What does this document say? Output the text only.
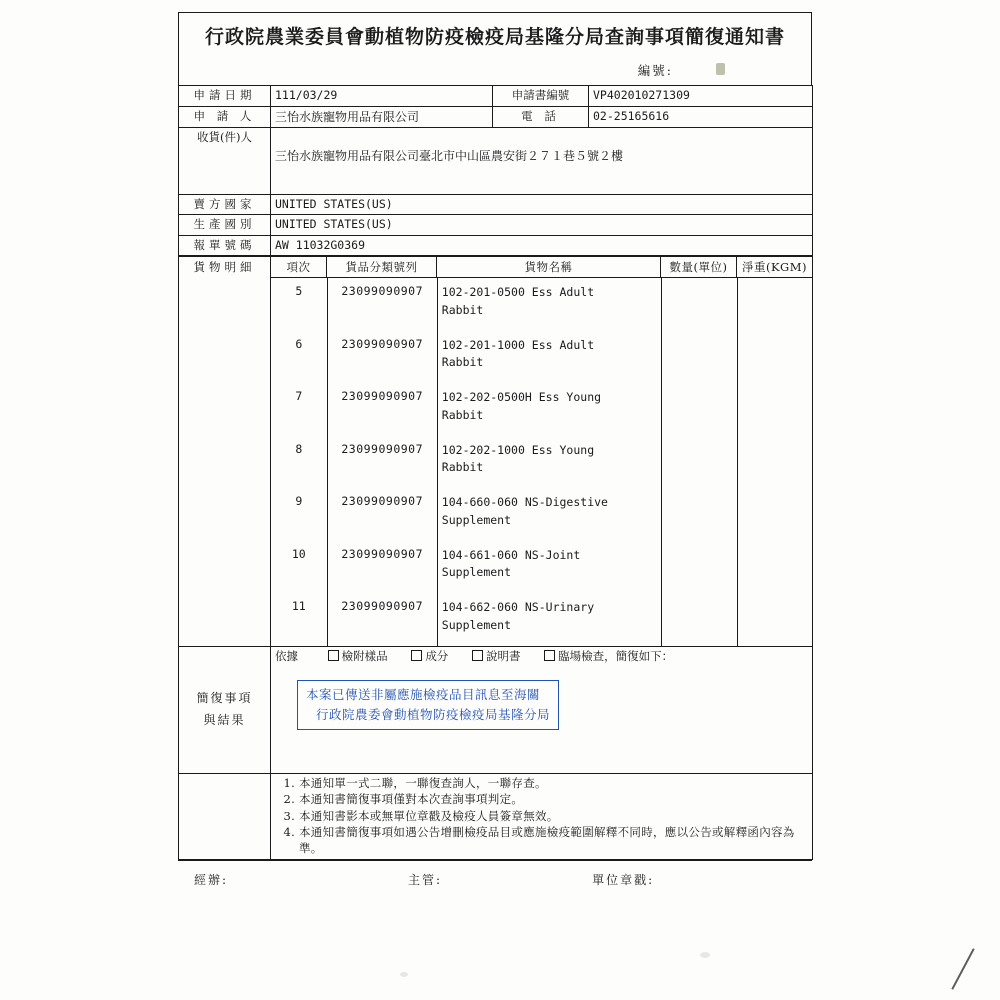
行政院農業委員會動植物防疫檢疫局基隆分局查詢事項簡復通知書
編號:
申請日期	111/03/29	申請書編號	VP402010271309
申 請 人	三怡水族寵物用品有限公司	電 話	02-25165616
收貨(件)人	三怡水族寵物用品有限公司臺北市中山區農安街２７１巷５號２樓		
賣方國家	UNITED STATES(US)		
生產國別	UNITED STATES(US)		
報單號碼	AW 11032G0369		
貨物明細	項次	貨品分類號列	貨物名稱	數量(單位)	淨重(KGM)

5	23099090907	102-201-0500 Ess Adult
Rabbit		
6	23099090907	102-201-1000 Ess Adult
Rabbit		
7	23099090907	102-202-0500H Ess Young
Rabbit		
8	23099090907	102-202-1000 Ess Young
Rabbit		
9	23099090907	104-660-060 NS-Digestive
Supplement		
10	23099090907	104-661-060 NS-Joint
Supplement		
11	23099090907	104-662-060 NS-Urinary
Supplement		
簡復事項
與結果

依據	檢附樣品	成分	說明書	臨場檢查，簡復如下：
本案已傳送非屬應施檢疫品目訊息至海關
行政院農委會動植物防疫檢疫局基隆分局

1. 本通知單一式二聯，一聯復查詢人，一聯存查。
2. 本通知書簡復事項僅對本次查詢事項判定。
3. 本通知書影本或無單位章戳及檢疫人員簽章無效。
4. 本通知書簡復事項如遇公告增刪檢疫品目或應施檢疫範圍解釋不同時，應以公告或解釋函內容為準。
經辦:	主管:	單位章戳:
